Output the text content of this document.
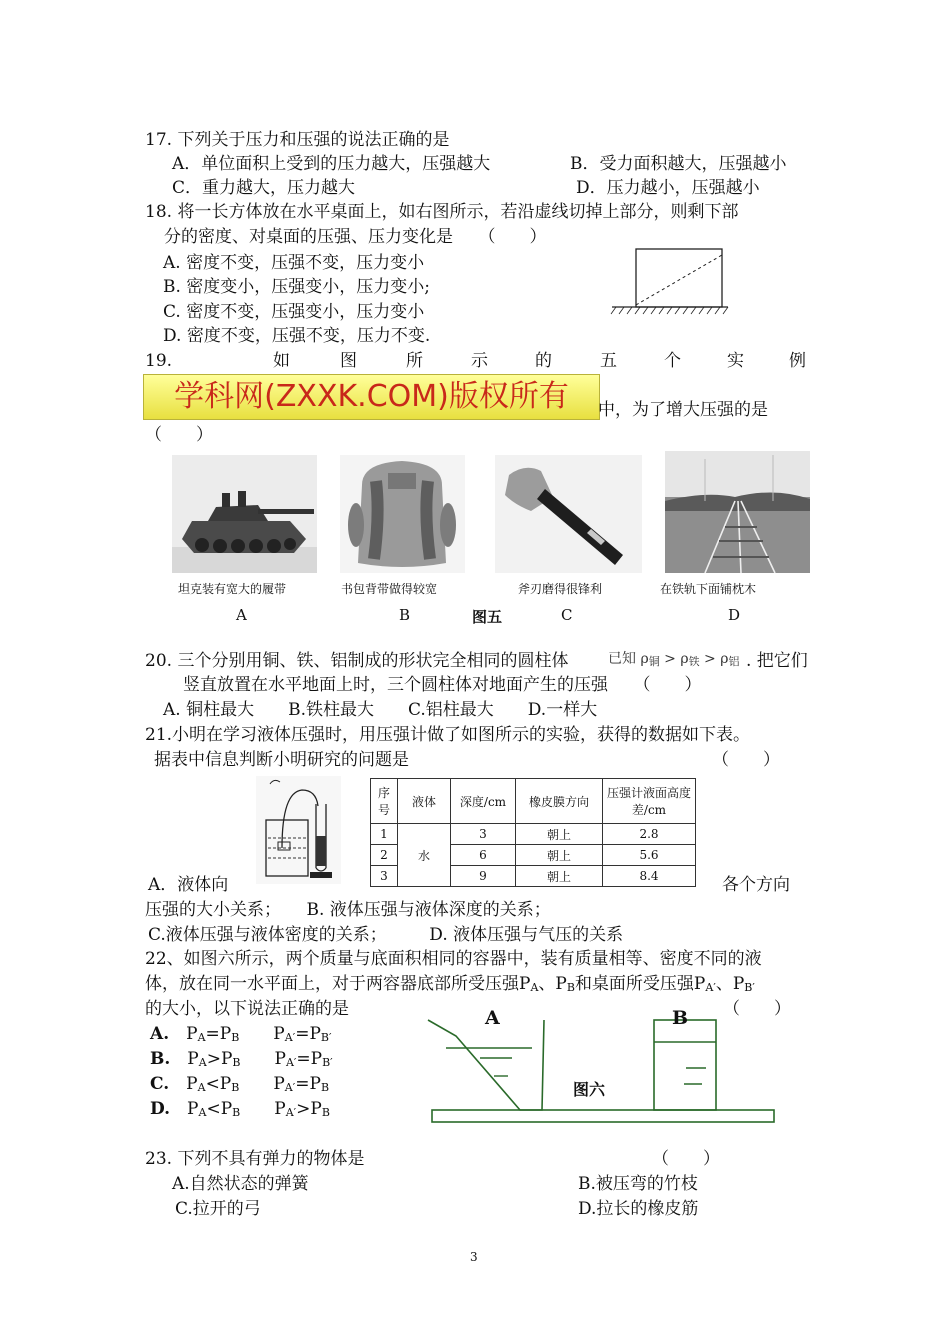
17. 下列关于压力和压强的说法正确的是
A．单位面积上受到的压力越大，压强越大	B．受力面积越大，压强越小
C．重力越大，压力越大	D．压力越小，压强越小
18. 将一长方体放在水平桌面上，如右图所示，若沿虚线切掉上部分，则剩下部
分的密度、对桌面的压强、压力变化是　　（　　）
A. 密度不变，压强不变，压力变小
B. 密度变小，压强变小，压力变小;
C. 密度不变，压强变小，压力变小
D. 密度不变，压强不变，压力不变.
19.	如	图	所	示	的	五	个	实	例
学科网(ZXXK.COM)版权所有	中，为了增大压强的是
（　　）
坦克装有宽大的履带	书包背带做得较宽	斧刃磨得很锋利	在铁轨下面铺枕木
A	B	图五	C	D
20. 三个分别用铜、铁、铝制成的形状完全相同的圆柱体	已知 ρ铜 > ρ铁 > ρ铝 . 把它们
竖直放置在水平地面上时，三个圆柱体对地面产生的压强　　（　　）
A. 铜柱最大　　B.铁柱最大　　C.铝柱最大　　D.一样大
21.小明在学习液体压强时，用压强计做了如图所示的实验，获得的数据如下表。
据表中信息判断小明研究的问题是	（　　）
序号	液体	深度/cm	橡皮膜方向	压强计液面高度差/cm
1	水	3	朝上	2.8
2		6	朝上	5.6
3		9	朝上	8.4
A．液体向	各个方向
压强的大小关系；　　B. 液体压强与液体深度的关系；
C.液体压强与液体密度的关系；　　　D. 液体压强与气压的关系
22、如图六所示，两个质量与底面积相同的容器中，装有质量相等、密度不同的液
体，放在同一水平面上，对于两容器底部所受压强PA、PB和桌面所受压强PA′、PB′
的大小，以下说法正确的是	（　　）
A.　PA=PB　　PA′=PB′
B.　PA>PB　　PA′=PB′
C.　PA<PB　　PA′=PB
D.　PA<PB　　PA′>PB
A	B
图六
23. 下列不具有弹力的物体是	（　　）
A.自然状态的弹簧	B.被压弯的竹枝
C.拉开的弓	D.拉长的橡皮筋
3
